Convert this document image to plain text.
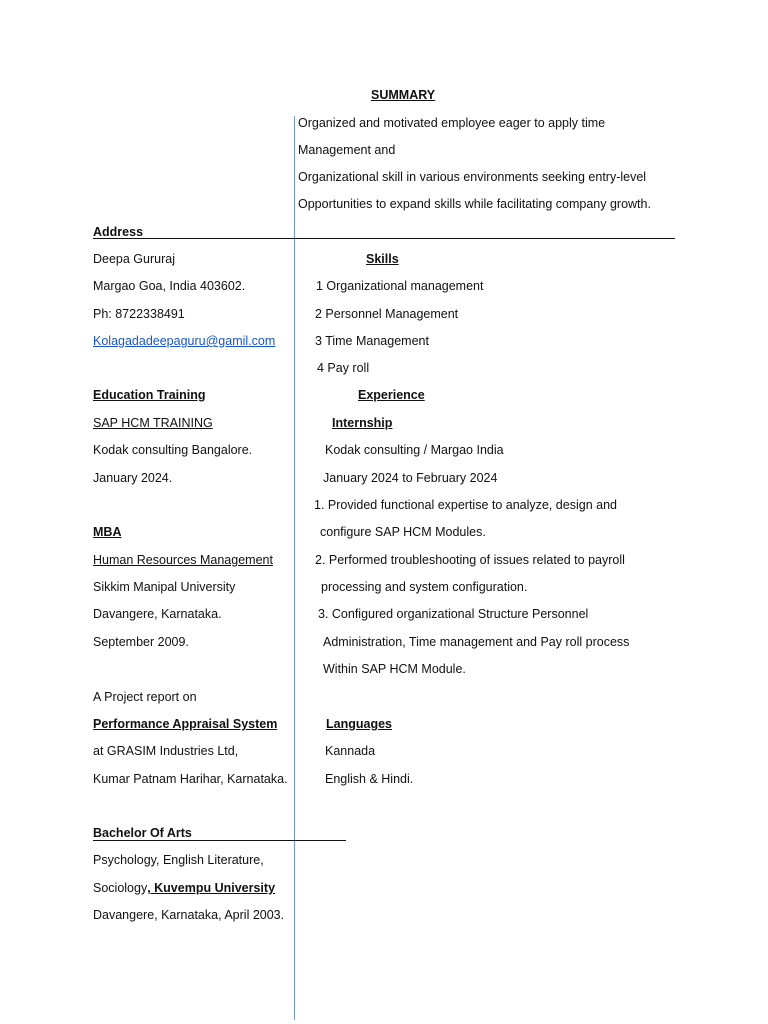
SUMMARY
Organized and motivated employee eager to apply time
Management and
Organizational skill in various environments seeking entry-level
Opportunities to expand skills while facilitating company growth.
Address
Deepa Gururaj
Margao Goa, India 403602.
Ph: 8722338491
Kolagadadeepaguru@gamil.com
Skills
1 Organizational management
2 Personnel Management
3 Time Management
4 Pay roll
Education Training
SAP HCM TRAINING
Kodak consulting Bangalore.
January 2024.
MBA
Human Resources Management
Sikkim Manipal University
Davangere, Karnataka.
September 2009.
A Project report on
Performance Appraisal System
at GRASIM Industries Ltd,
Kumar Patnam Harihar, Karnataka.
Bachelor Of Arts
Psychology, English Literature,
Sociology, Kuvempu University
Davangere, Karnataka, April 2003.
Experience
Internship
Kodak consulting / Margao India
January 2024 to February 2024
1. Provided functional expertise to analyze, design and
configure SAP HCM Modules.
2. Performed troubleshooting of issues related to payroll
processing and system configuration.
3. Configured organizational Structure Personnel
Administration, Time management and Pay roll process
Within SAP HCM Module.
Languages
Kannada
English & Hindi.
